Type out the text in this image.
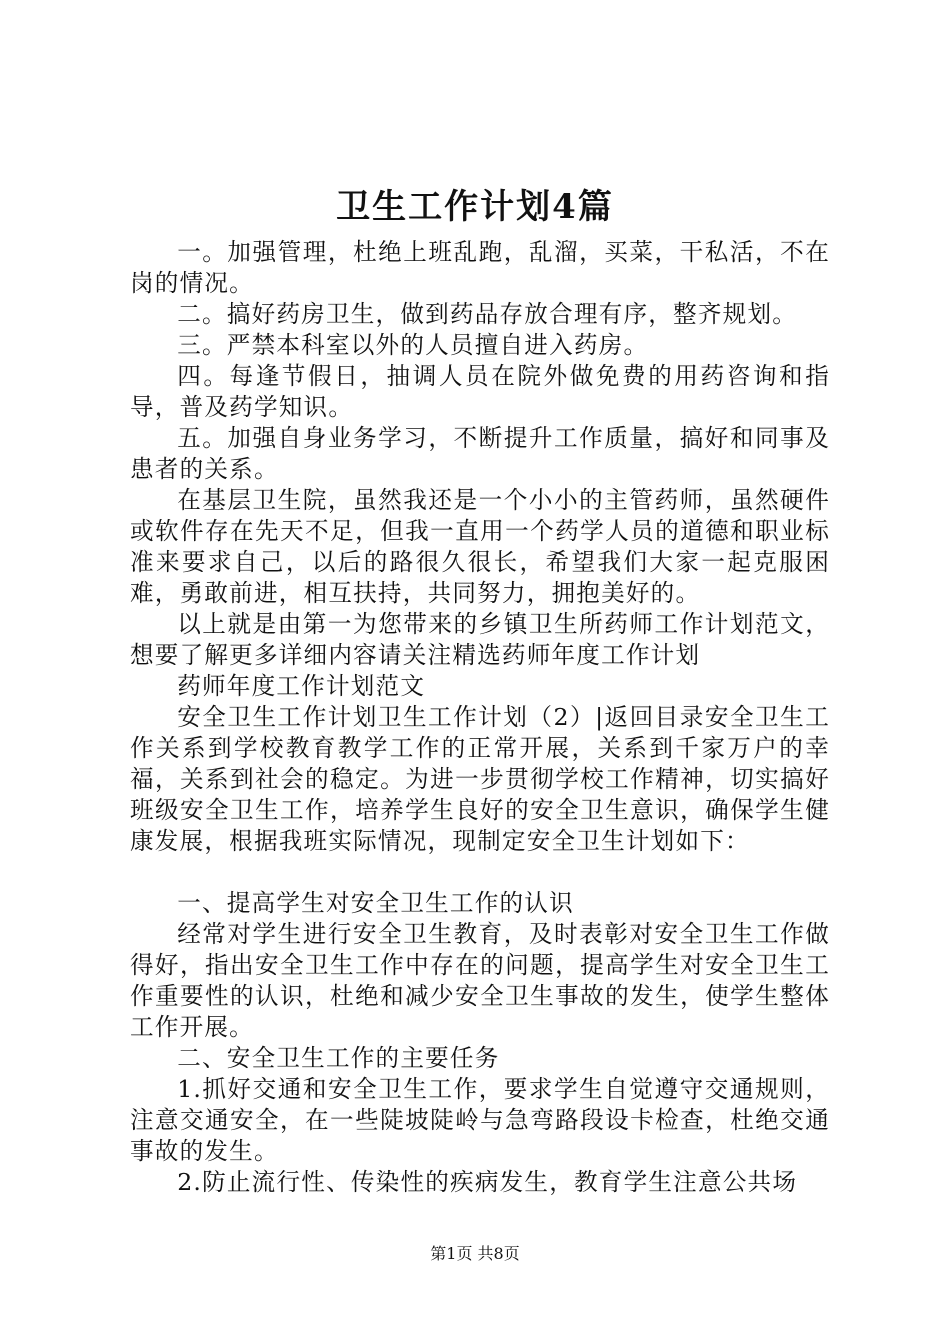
卫生工作计划4篇

一。加强管理，杜绝上班乱跑，乱溜，买菜，干私活，不在岗的情况。

二。搞好药房卫生，做到药品存放合理有序，整齐规划。

三。严禁本科室以外的人员擅自进入药房。

四。每逢节假日，抽调人员在院外做免费的用药咨询和指导，普及药学知识。

五。加强自身业务学习，不断提升工作质量，搞好和同事及患者的关系。

在基层卫生院，虽然我还是一个小小的主管药师，虽然硬件或软件存在先天不足，但我一直用一个药学人员的道德和职业标准来要求自己，以后的路很久很长，希望我们大家一起克服困难，勇敢前进，相互扶持，共同努力，拥抱美好的。

以上就是由第一为您带来的乡镇卫生所药师工作计划范文，想要了解更多详细内容请关注精选药师年度工作计划

药师年度工作计划范文

安全卫生工作计划卫生工作计划（2）|返回目录安全卫生工作关系到学校教育教学工作的正常开展，关系到千家万户的幸福，关系到社会的稳定。为进一步贯彻学校工作精神，切实搞好班级安全卫生工作，培养学生良好的安全卫生意识，确保学生健康发展，根据我班实际情况，现制定安全卫生计划如下：

一、提高学生对安全卫生工作的认识

经常对学生进行安全卫生教育，及时表彰对安全卫生工作做得好，指出安全卫生工作中存在的问题，提高学生对安全卫生工作重要性的认识，杜绝和减少安全卫生事故的发生，使学生整体工作开展。

二、安全卫生工作的主要任务

1.抓好交通和安全卫生工作，要求学生自觉遵守交通规则，注意交通安全，在一些陡坡陡岭与急弯路段设卡检查，杜绝交通事故的发生。

2.防止流行性、传染性的疾病发生，教育学生注意公共场

第1页 共8页
